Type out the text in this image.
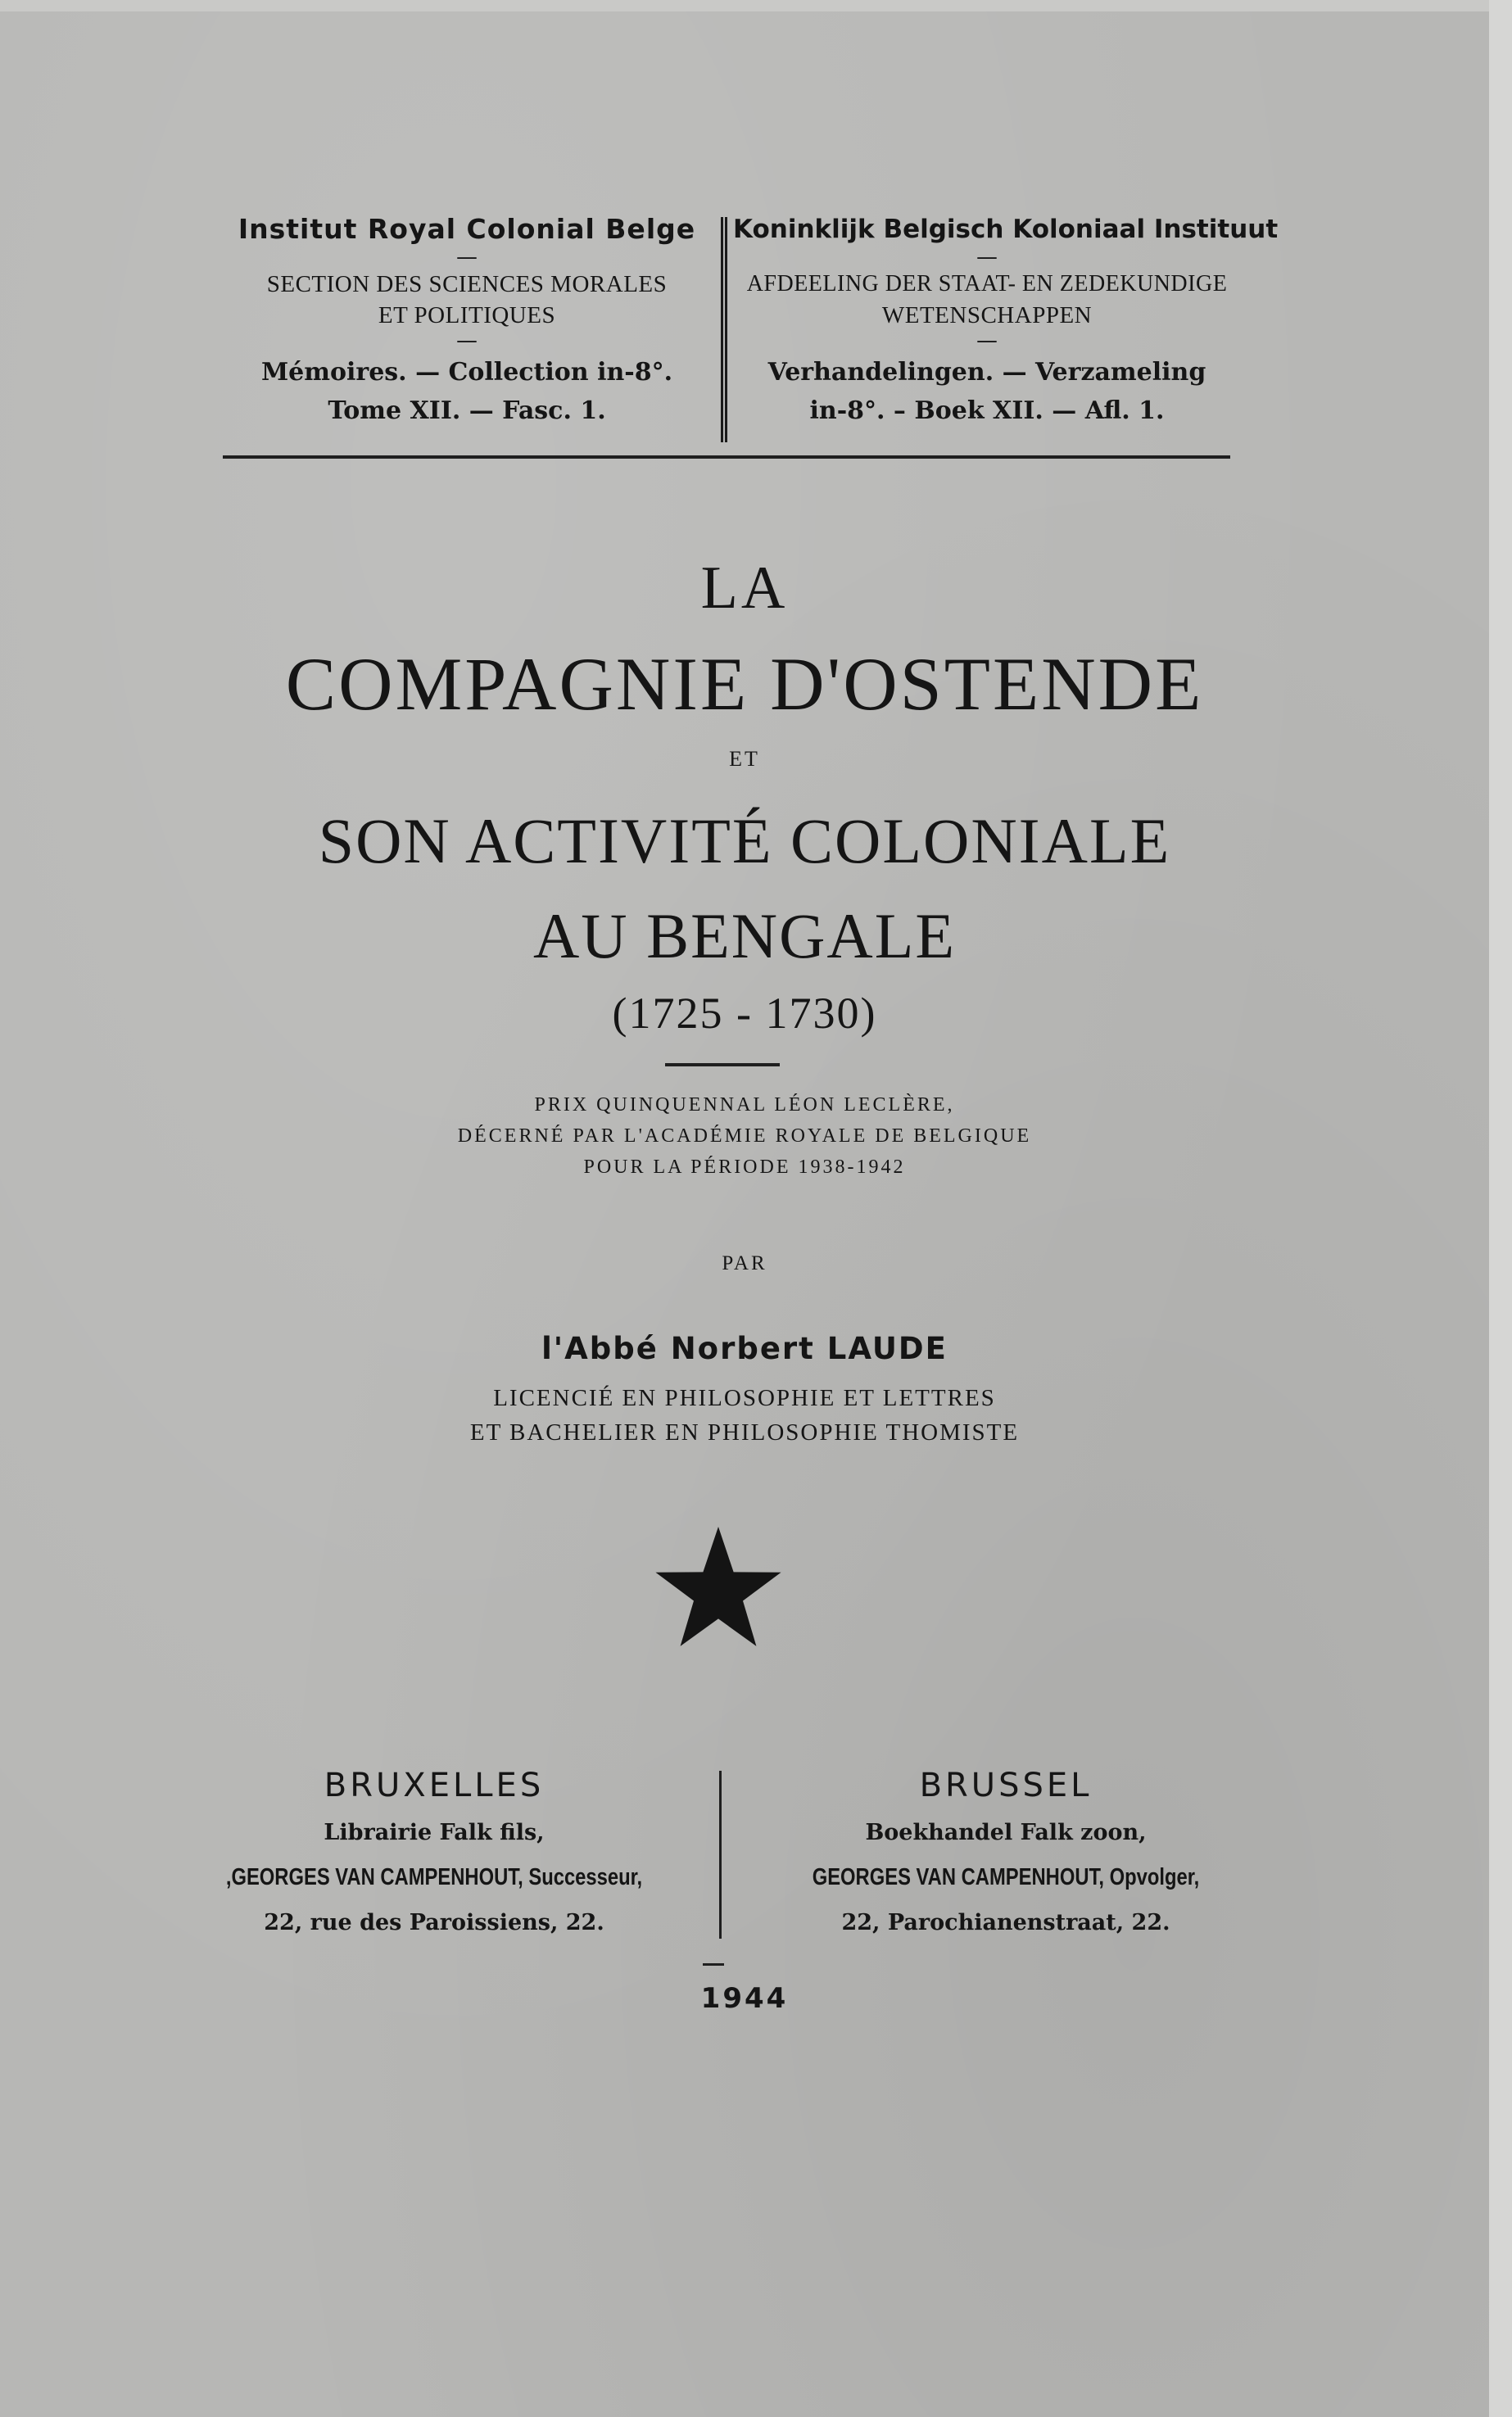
Institut Royal Colonial Belge
—
SECTION DES SCIENCES MORALES
ET POLITIQUES
—
Mémoires. — Collection in-8°.
Tome XII. — Fasc. 1.
Koninklijk Belgisch Koloniaal Instituut
—
AFDEELING DER STAAT- EN ZEDEKUNDIGE
WETENSCHAPPEN
—
Verhandelingen. — Verzameling
in-8°. – Boek XII. — Afl. 1.
LA
COMPAGNIE D'OSTENDE
ET
SON ACTIVITÉ COLONIALE
AU BENGALE
(1725 - 1730)
PRIX QUINQUENNAL LÉON LECLÈRE,
DÉCERNÉ PAR L'ACADÉMIE ROYALE DE BELGIQUE
POUR LA PÉRIODE 1938-1942
PAR
l'Abbé Norbert LAUDE
LICENCIÉ EN PHILOSOPHIE ET LETTRES
ET BACHELIER EN PHILOSOPHIE THOMISTE
BRUXELLES
Librairie Falk fils,
,GEORGES VAN CAMPENHOUT, Successeur,
22, rue des Paroissiens, 22.
BRUSSEL
Boekhandel Falk zoon,
GEORGES VAN CAMPENHOUT, Opvolger,
22, Parochianenstraat, 22.
1944
